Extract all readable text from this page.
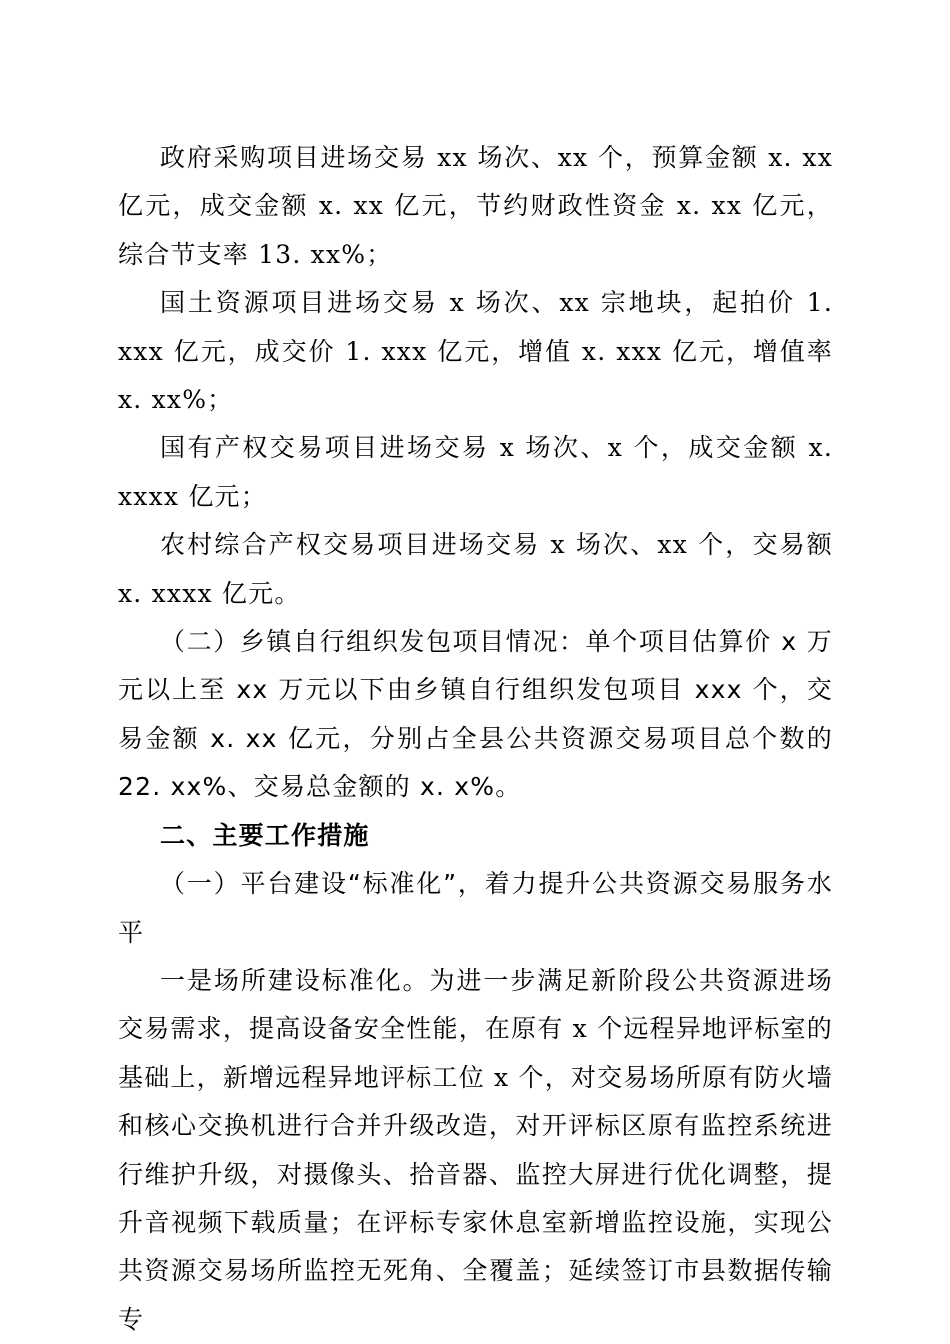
政府采购项目进场交易 xx 场次、xx 个，预算金额 x. xx 亿元，成交金额 x. xx 亿元，节约财政性资金 x. xx 亿元，综合节支率 13. xx%；

国土资源项目进场交易 x 场次、xx 宗地块，起拍价 1. xxx 亿元，成交价 1. xxx 亿元，增值 x. xxx 亿元，增值率 x. xx%；

国有产权交易项目进场交易 x 场次、x 个，成交金额 x. xxxx 亿元；

农村综合产权交易项目进场交易 x 场次、xx 个，交易额 x. xxxx 亿元。

（二）乡镇自行组织发包项目情况：单个项目估算价 x 万元以上至 xx 万元以下由乡镇自行组织发包项目 xxx 个，交易金额 x. xx 亿元，分别占全县公共资源交易项目总个数的 22. xx%、交易总金额的 x. x%。

二、主要工作措施

（一）平台建设“标准化”，着力提升公共资源交易服务水平

一是场所建设标准化。为进一步满足新阶段公共资源进场交易需求，提高设备安全性能，在原有 x 个远程异地评标室的基础上，新增远程异地评标工位 x 个，对交易场所原有防火墙和核心交换机进行合并升级改造，对开评标区原有监控系统进行维护升级，对摄像头、拾音器、监控大屏进行优化调整，提升音视频下载质量；在评标专家休息室新增监控设施，实现公共资源交易场所监控无死角、全覆盖；延续签订市县数据传输专
